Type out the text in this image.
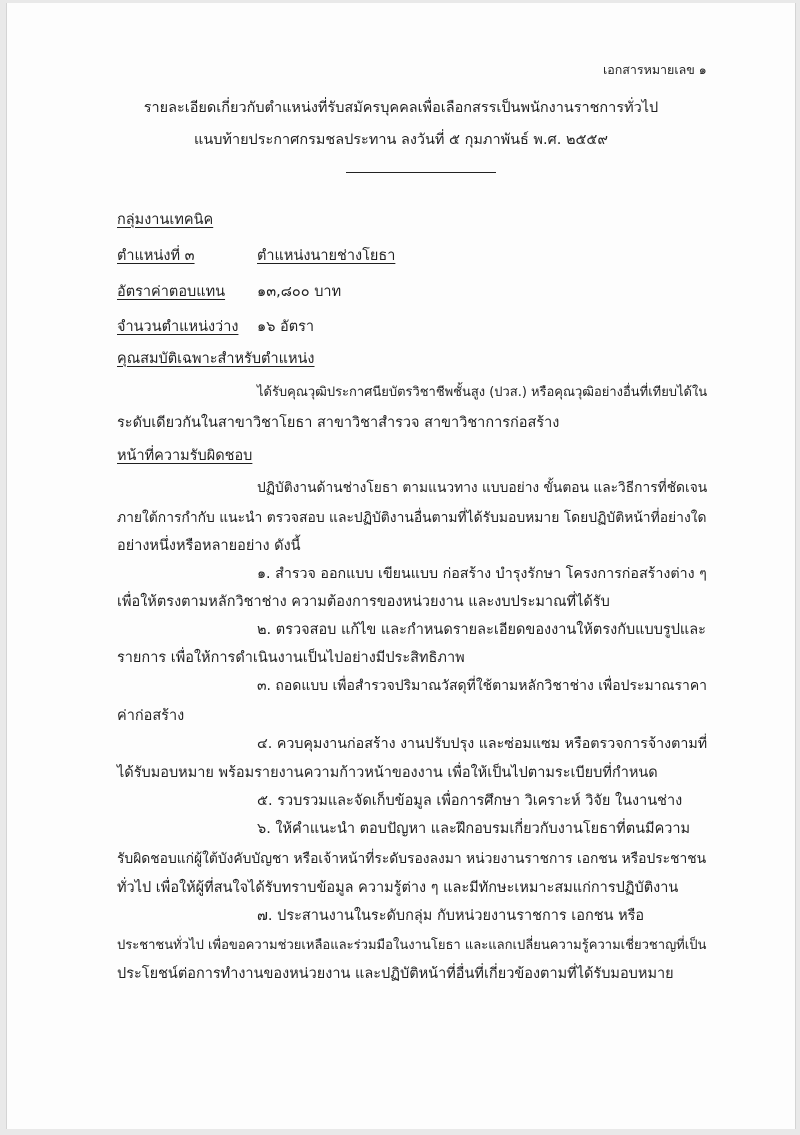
เอกสารหมายเลข ๑
รายละเอียดเกี่ยวกับตำแหน่งที่รับสมัครบุคคลเพื่อเลือกสรรเป็นพนักงานราชการทั่วไป
แนบท้ายประกาศกรมชลประทาน ลงวันที่ ๕ กุมภาพันธ์ พ.ศ. ๒๕๕๙
กลุ่มงานเทคนิค
ตำแหน่งที่ ๓	ตำแหน่งนายช่างโยธา
อัตราค่าตอบแทน ๑๓,๘๐๐ บาท
จำนวนตำแหน่งว่าง ๑๖ อัตรา
คุณสมบัติเฉพาะสำหรับตำแหน่ง
ได้รับคุณวุฒิประกาศนียบัตรวิชาชีพชั้นสูง (ปวส.) หรือคุณวุฒิอย่างอื่นที่เทียบได้ใน
ระดับเดียวกันในสาขาวิชาโยธา สาขาวิชาสำรวจ สาขาวิชาการก่อสร้าง
หน้าที่ความรับผิดชอบ
ปฏิบัติงานด้านช่างโยธา ตามแนวทาง แบบอย่าง ขั้นตอน และวิธีการที่ชัดเจน
ภายใต้การกำกับ แนะนำ ตรวจสอบ และปฏิบัติงานอื่นตามที่ได้รับมอบหมาย โดยปฏิบัติหน้าที่อย่างใด
อย่างหนึ่งหรือหลายอย่าง ดังนี้
๑. สำรวจ ออกแบบ เขียนแบบ ก่อสร้าง บำรุงรักษา โครงการก่อสร้างต่าง ๆ
เพื่อให้ตรงตามหลักวิชาช่าง ความต้องการของหน่วยงาน และงบประมาณที่ได้รับ
๒. ตรวจสอบ แก้ไข และกำหนดรายละเอียดของงานให้ตรงกับแบบรูปและ
รายการ เพื่อให้การดำเนินงานเป็นไปอย่างมีประสิทธิภาพ
๓. ถอดแบบ เพื่อสำรวจปริมาณวัสดุที่ใช้ตามหลักวิชาช่าง เพื่อประมาณราคา
ค่าก่อสร้าง
๔. ควบคุมงานก่อสร้าง งานปรับปรุง และซ่อมแซม หรือตรวจการจ้างตามที่
ได้รับมอบหมาย พร้อมรายงานความก้าวหน้าของงาน เพื่อให้เป็นไปตามระเบียบที่กำหนด
๕. รวบรวมและจัดเก็บข้อมูล เพื่อการศึกษา วิเคราะห์ วิจัย ในงานช่าง
๖. ให้คำแนะนำ ตอบปัญหา และฝึกอบรมเกี่ยวกับงานโยธาที่ตนมีความ
รับผิดชอบแก่ผู้ใต้บังคับบัญชา หรือเจ้าหน้าที่ระดับรองลงมา หน่วยงานราชการ เอกชน หรือประชาชน
ทั่วไป เพื่อให้ผู้ที่สนใจได้รับทราบข้อมูล ความรู้ต่าง ๆ และมีทักษะเหมาะสมแก่การปฏิบัติงาน
๗. ประสานงานในระดับกลุ่ม กับหน่วยงานราชการ เอกชน หรือ
ประชาชนทั่วไป เพื่อขอความช่วยเหลือและร่วมมือในงานโยธา และแลกเปลี่ยนความรู้ความเชี่ยวชาญที่เป็น
ประโยชน์ต่อการทำงานของหน่วยงาน และปฏิบัติหน้าที่อื่นที่เกี่ยวข้องตามที่ได้รับมอบหมาย
